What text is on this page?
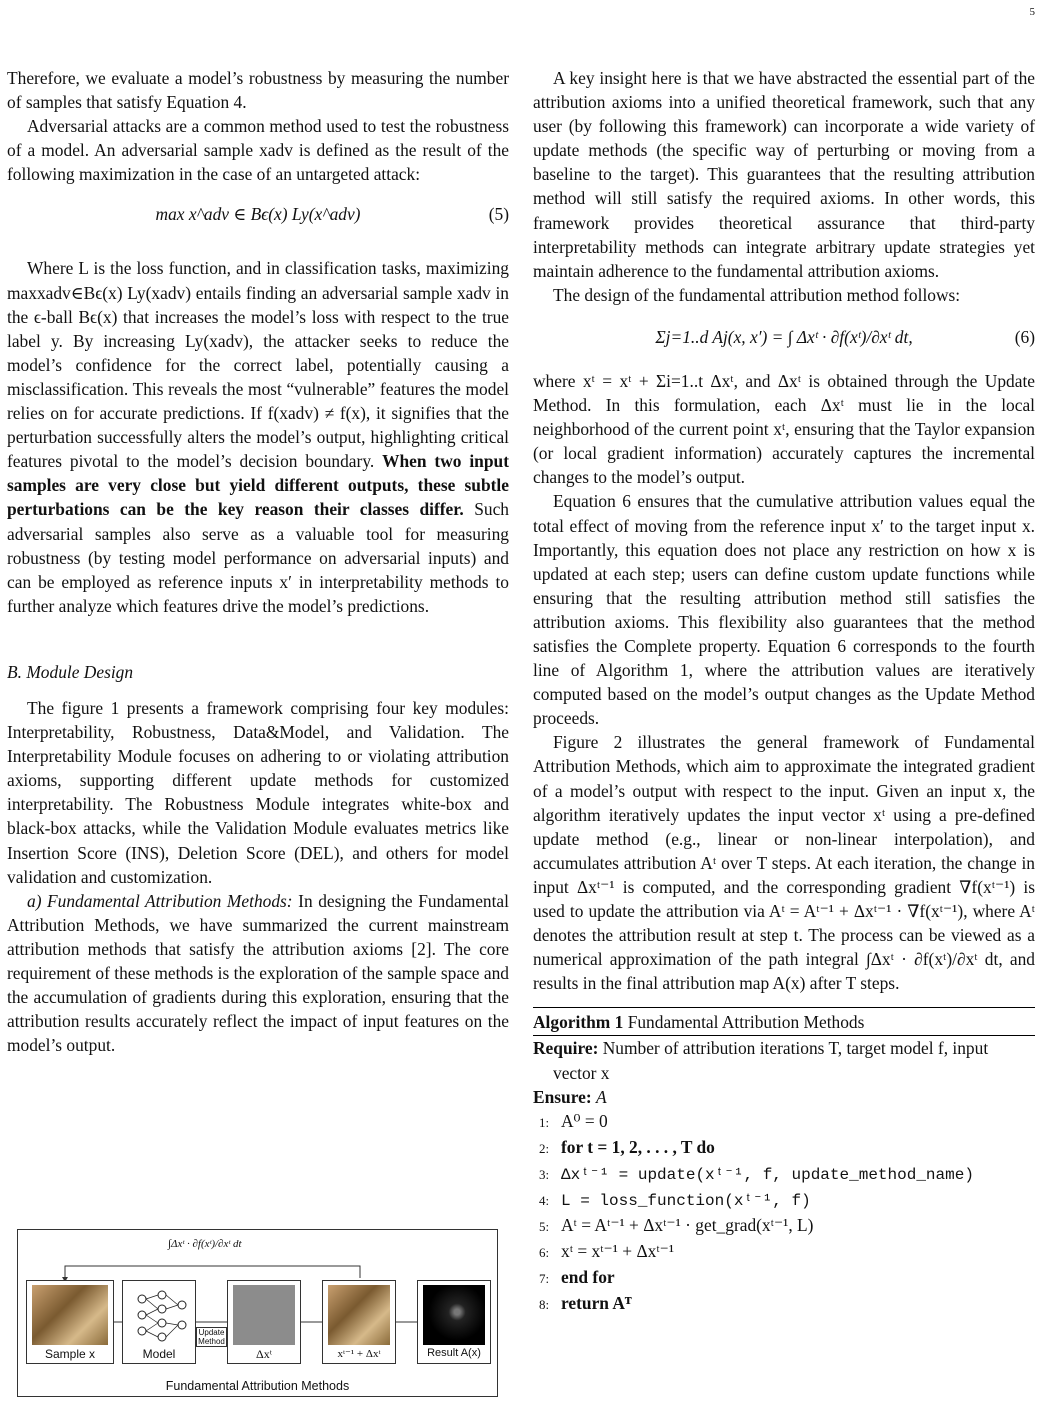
5

Therefore, we evaluate a model’s robustness by measuring the number of samples that satisfy Equation 4.

Adversarial attacks are a common method used to test the robustness of a model. An adversarial sample xadv is defined as the result of the following maximization in the case of an untargeted attack:

max x^adv ∈ Bϵ(x) Ly(x^adv)	(5)

Where L is the loss function, and in classification tasks, maximizing maxxadv∈Bϵ(x) Ly(xadv) entails finding an adversarial sample xadv in the ϵ-ball Bϵ(x) that increases the model’s loss with respect to the true label y. By increasing Ly(xadv), the attacker seeks to reduce the model’s confidence for the correct label, potentially causing a misclassification. This reveals the most “vulnerable” features the model relies on for accurate predictions. If f(xadv) ≠ f(x), it signifies that the perturbation successfully alters the model’s output, highlighting critical features pivotal to the model’s decision boundary. When two input samples are very close but yield different outputs, these subtle perturbations can be the key reason their classes differ. Such adversarial samples also serve as a valuable tool for measuring robustness (by testing model performance on adversarial inputs) and can be employed as reference inputs x′ in interpretability methods to further analyze which features drive the model’s predictions.

B. Module Design

The figure 1 presents a framework comprising four key modules: Interpretability, Robustness, Data&Model, and Validation. The Interpretability Module focuses on adhering to or violating attribution axioms, supporting different update methods for customized interpretability. The Robustness Module integrates white-box and black-box attacks, while the Validation Module evaluates metrics like Insertion Score (INS), Deletion Score (DEL), and others for model validation and customization.

a) Fundamental Attribution Methods: In designing the Fundamental Attribution Methods, we have summarized the current mainstream attribution methods that satisfy the attribution axioms [2]. The core requirement of these methods is the exploration of the sample space and the accumulation of gradients during this exploration, ensuring that the attribution results accurately reflect the impact of input features on the model’s output.

∫Δxᵗ · ∂f(xᵗ)/∂xᵗ dt
Sample x	Model
Update Method
Δxᵗ	xᵗ⁻¹ + Δxᵗ	Result A(x)
Fundamental Attribution Methods

A key insight here is that we have abstracted the essential part of the attribution axioms into a unified theoretical framework, such that any user (by following this framework) can incorporate a wide variety of update methods (the specific way of perturbing or moving from a baseline to the target). This guarantees that the resulting attribution method will still satisfy the required axioms. In other words, this framework provides theoretical assurance that third-party interpretability methods can integrate arbitrary update strategies yet maintain adherence to the fundamental attribution axioms.

The design of the fundamental attribution method follows:

Σj=1..d Aj(x, x′) = ∫ Δxᵗ · ∂f(xᵗ)/∂xᵗ dt,	(6)

where xᵗ = xᵗ + Σi=1..t Δxᵗ, and Δxᵗ is obtained through the Update Method. In this formulation, each Δxᵗ must lie in the local neighborhood of the current point xᵗ, ensuring that the Taylor expansion (or local gradient information) accurately captures the incremental changes to the model’s output.

Equation 6 ensures that the cumulative attribution values equal the total effect of moving from the reference input x′ to the target input x. Importantly, this equation does not place any restriction on how x is updated at each step; users can define custom update functions while ensuring that the resulting attribution method still satisfies the attribution axioms. This flexibility also guarantees that the method satisfies the Complete property. Equation 6 corresponds to the fourth line of Algorithm 1, where the attribution values are iteratively computed based on the model’s output changes as the Update Method proceeds.

Figure 2 illustrates the general framework of Fundamental Attribution Methods, which aim to approximate the integrated gradient of a model’s output with respect to the input. Given an input x, the algorithm iteratively updates the input vector xᵗ using a pre-defined update method (e.g., linear or non-linear interpolation), and accumulates attribution Aᵗ over T steps. At each iteration, the change in input Δxᵗ⁻¹ is computed, and the corresponding gradient ∇f(xᵗ⁻¹) is used to update the attribution via Aᵗ = Aᵗ⁻¹ + Δxᵗ⁻¹ · ∇f(xᵗ⁻¹), where Aᵗ denotes the attribution result at step t. The process can be viewed as a numerical approximation of the path integral ∫Δxᵗ · ∂f(xᵗ)/∂xᵗ dt, and results in the final attribution map A(x) after T steps.

Algorithm 1 Fundamental Attribution Methods
Require: Number of attribution iterations T, target model f, input vector x
Ensure: A
1: A⁰ = 0
2: for t = 1, 2, . . . , T do
3: Δxᵗ⁻¹ = update(xᵗ⁻¹, f, update_method_name)
4: L = loss_function(xᵗ⁻¹, f)
5: Aᵗ = Aᵗ⁻¹ + Δxᵗ⁻¹ · get_grad(xᵗ⁻¹, L)
6: xᵗ = xᵗ⁻¹ + Δxᵗ⁻¹
7: end for
8: return Aᵀ
